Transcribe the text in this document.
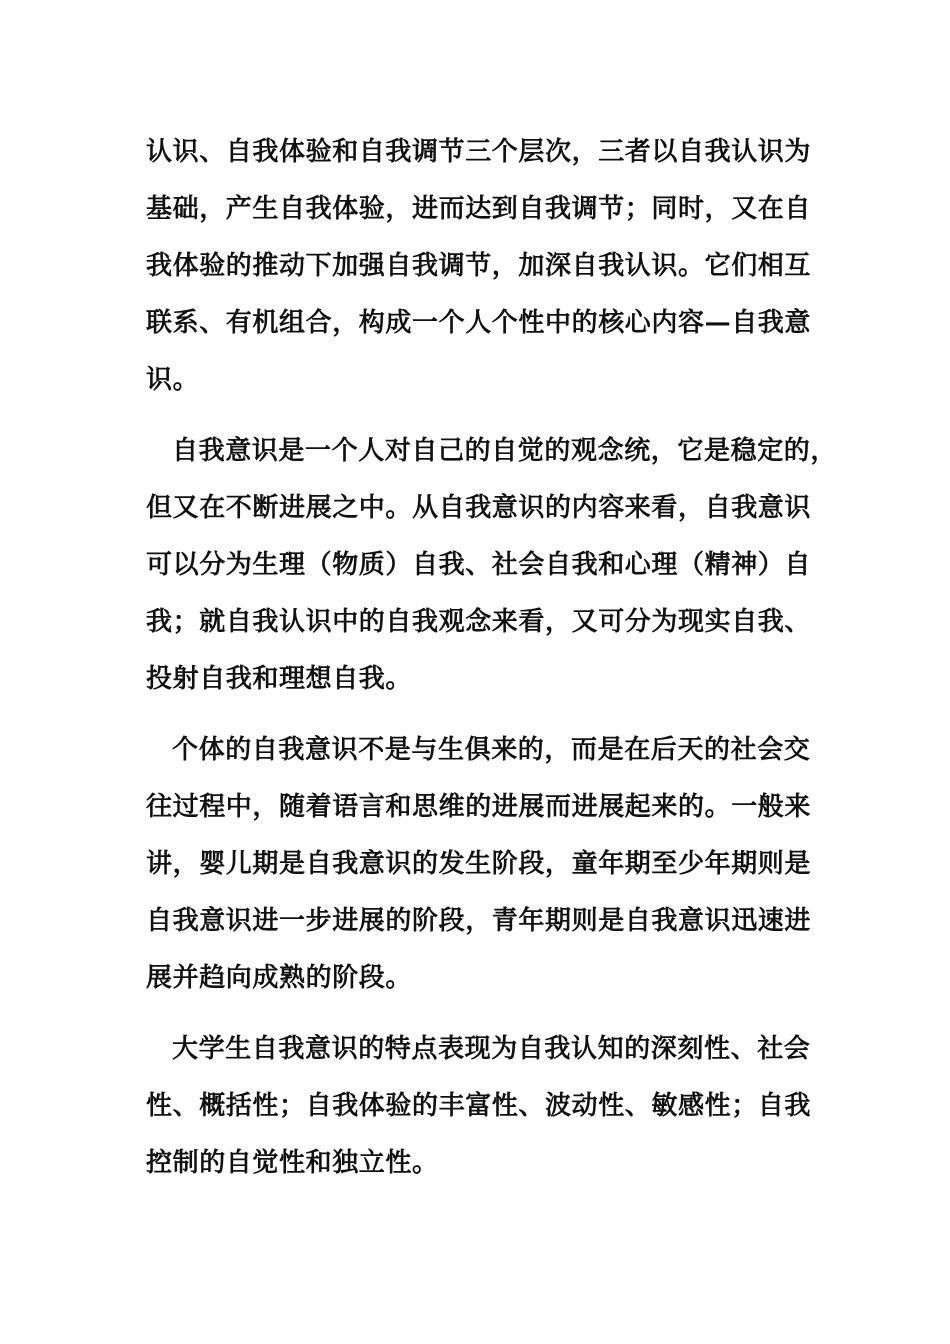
认识、自我体验和自我调节三个层次，三者以自我认识为
基础，产生自我体验，进而达到自我调节；同时，又在自
我体验的推动下加强自我调节，加深自我认识。它们相互
联系、有机组合，构成一个人个性中的核心内容—自我意
识。
自我意识是一个人对自己的自觉的观念统，它是稳定的，
但又在不断进展之中。从自我意识的内容来看，自我意识
可以分为生理（物质）自我、社会自我和心理（精神）自
我；就自我认识中的自我观念来看，又可分为现实自我、
投射自我和理想自我。
个体的自我意识不是与生俱来的，而是在后天的社会交
往过程中，随着语言和思维的进展而进展起来的。一般来
讲，婴儿期是自我意识的发生阶段，童年期至少年期则是
自我意识进一步进展的阶段，青年期则是自我意识迅速进
展并趋向成熟的阶段。
大学生自我意识的特点表现为自我认知的深刻性、社会
性、概括性；自我体验的丰富性、波动性、敏感性；自我
控制的自觉性和独立性。
